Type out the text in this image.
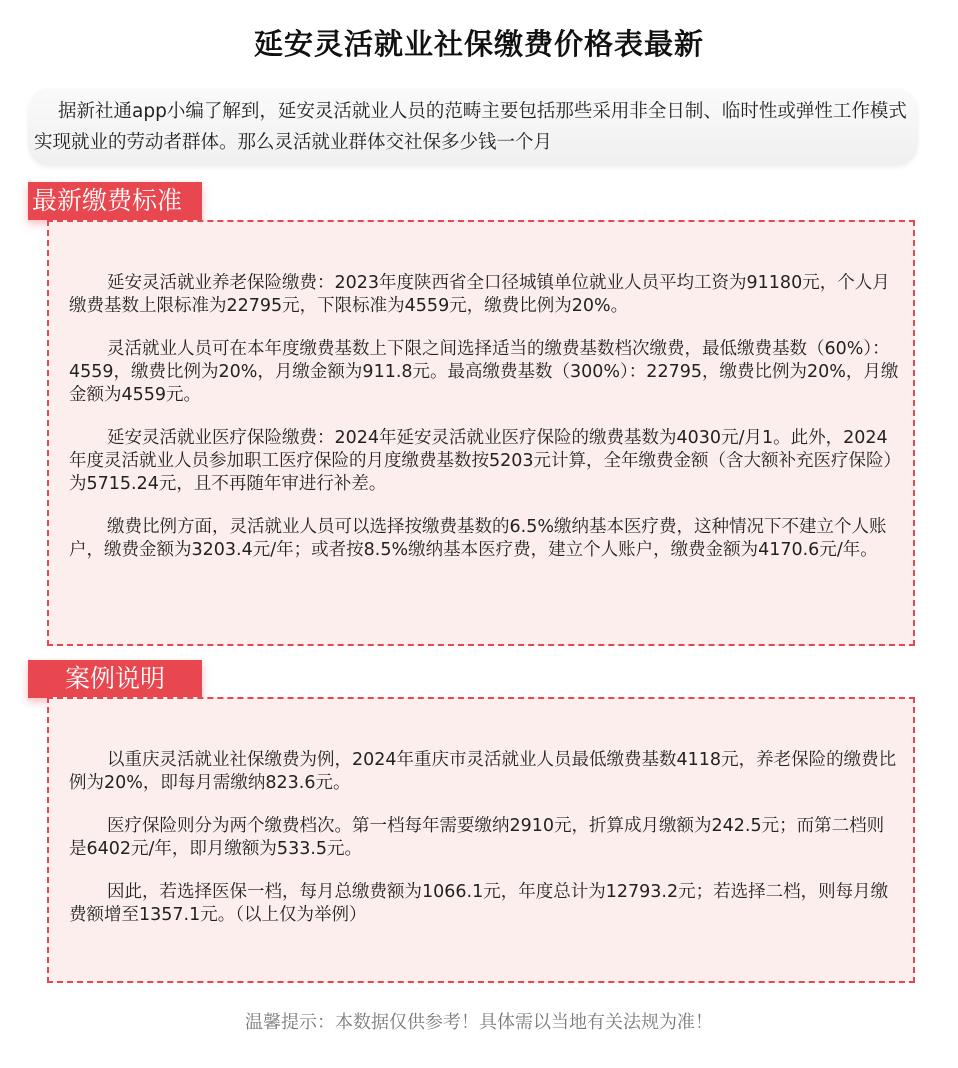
延安灵活就业社保缴费价格表最新

据新社通app小编了解到，延安灵活就业人员的范畴主要包括那些采用非全日制、临时性或弹性工作模式实现就业的劳动者群体。那么灵活就业群体交社保多少钱一个月

最新缴费标准

延安灵活就业养老保险缴费：2023年度陕西省全口径城镇单位就业人员平均工资为91180元，个人月缴费基数上限标准为22795元，下限标准为4559元，缴费比例为20%。

灵活就业人员可在本年度缴费基数上下限之间选择适当的缴费基数档次缴费，最低缴费基数（60%）：4559，缴费比例为20%，月缴金额为911.8元。最高缴费基数（300%）：22795，缴费比例为20%，月缴金额为4559元。

延安灵活就业医疗保险缴费：2024年延安灵活就业医疗保险的缴费基数为4030元/月1。此外，2024年度灵活就业人员参加职工医疗保险的月度缴费基数按5203元计算，全年缴费金额（含大额补充医疗保险）为5715.24元，且不再随年审进行补差。

缴费比例方面，灵活就业人员可以选择按缴费基数的6.5%缴纳基本医疗费，这种情况下不建立个人账户，缴费金额为3203.4元/年；或者按8.5%缴纳基本医疗费，建立个人账户，缴费金额为4170.6元/年。

案例说明

以重庆灵活就业社保缴费为例，2024年重庆市灵活就业人员最低缴费基数4118元，养老保险的缴费比例为20%，即每月需缴纳823.6元。

医疗保险则分为两个缴费档次。第一档每年需要缴纳2910元，折算成月缴额为242.5元；而第二档则是6402元/年，即月缴额为533.5元。

因此，若选择医保一档，每月总缴费额为1066.1元，年度总计为12793.2元；若选择二档，则每月缴费额增至1357.1元。（以上仅为举例）

温馨提示：本数据仅供参考！具体需以当地有关法规为准！
